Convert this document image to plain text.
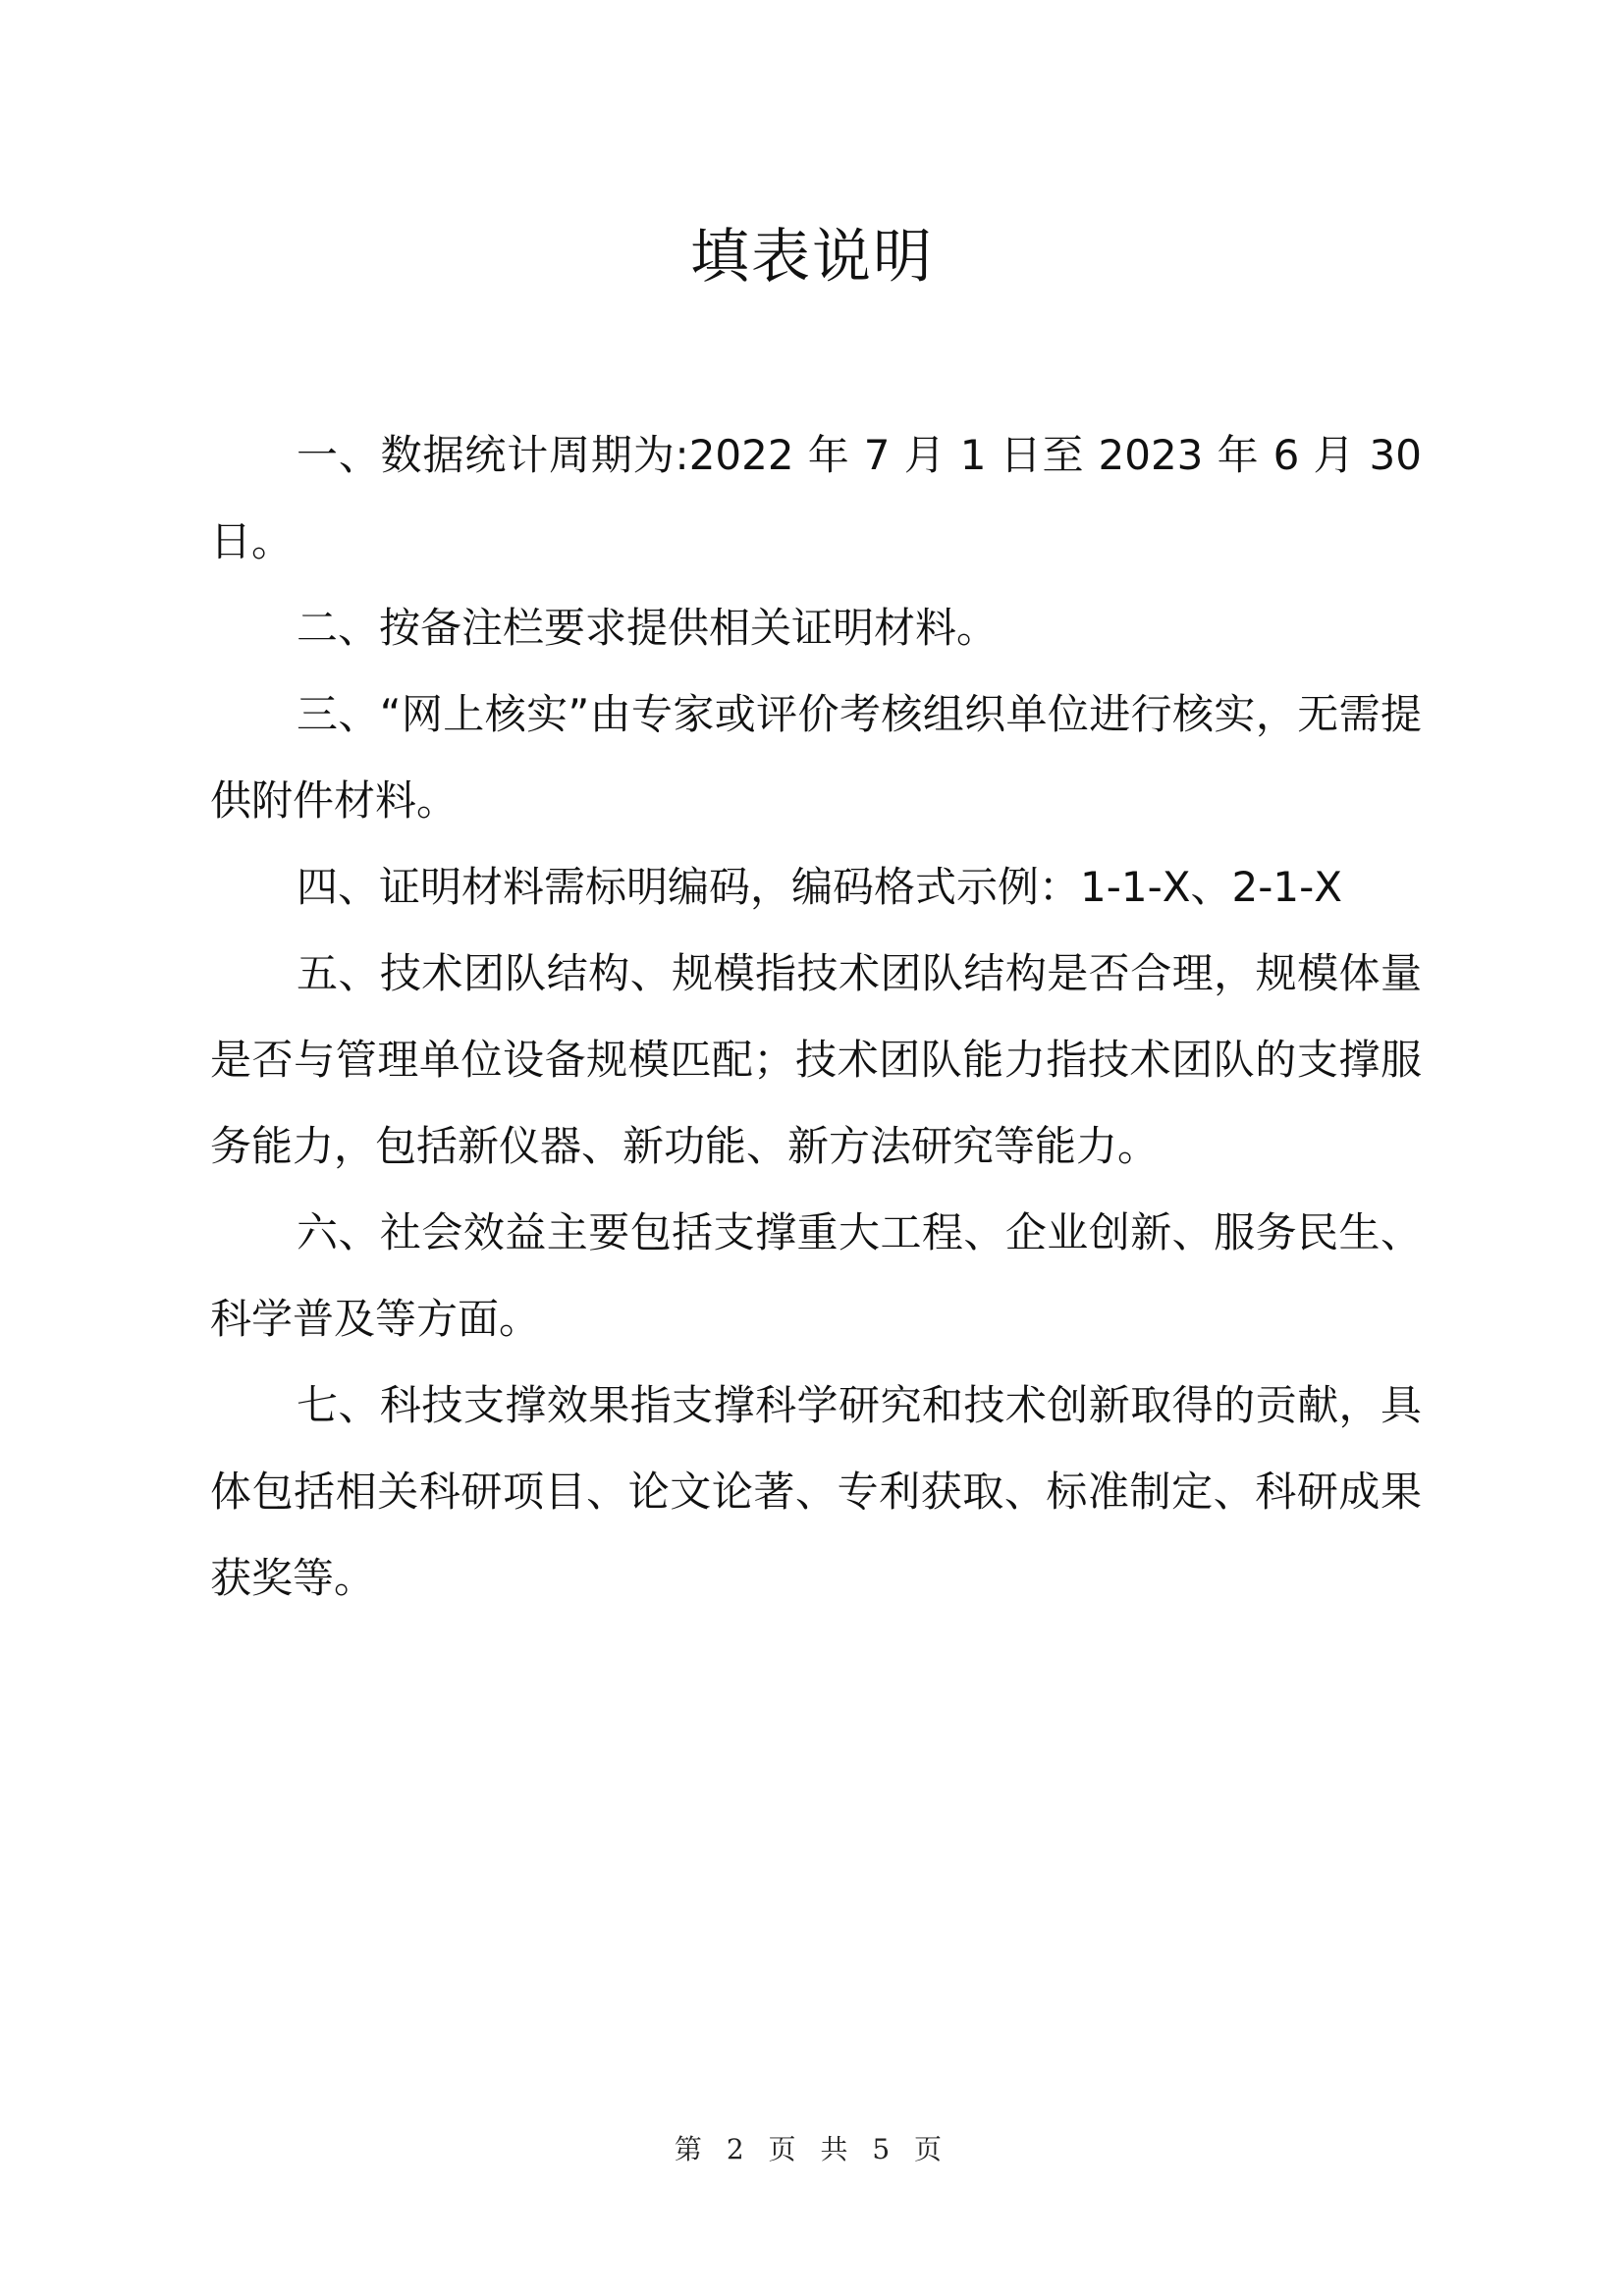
填表说明

一、数据统计周期为:2022 年 7 月 1 日至 2023 年 6 月 30 日。

二、按备注栏要求提供相关证明材料。

三、“网上核实”由专家或评价考核组织单位进行核实，无需提供附件材料。

四、证明材料需标明编码，编码格式示例：1-1-X、2-1-X

五、技术团队结构、规模指技术团队结构是否合理，规模体量是否与管理单位设备规模匹配；技术团队能力指技术团队的支撑服务能力，包括新仪器、新功能、新方法研究等能力。

六、社会效益主要包括支撑重大工程、企业创新、服务民生、科学普及等方面。

七、科技支撑效果指支撑科学研究和技术创新取得的贡献，具体包括相关科研项目、论文论著、专利获取、标准制定、科研成果获奖等。

第 2 页 共 5 页
